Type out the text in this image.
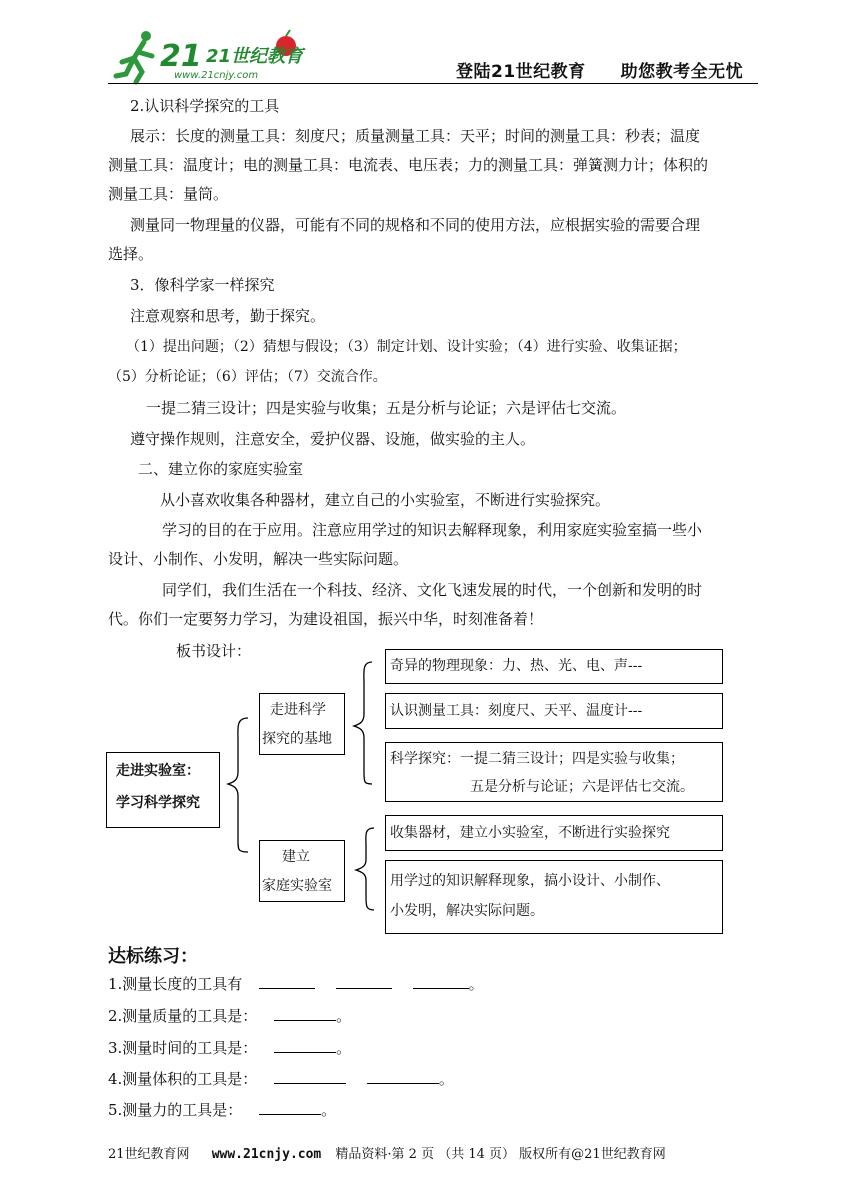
21 21世纪教育
www.21cnjy.com	登陆21世纪教育　　助您教考全无忧
2.认识科学探究的工具
展示：长度的测量工具：刻度尺；质量测量工具：天平；时间的测量工具：秒表；温度
测量工具：温度计；电的测量工具：电流表、电压表；力的测量工具：弹簧测力计；体积的
测量工具：量筒。
测量同一物理量的仪器，可能有不同的规格和不同的使用方法，应根据实验的需要合理
选择。
3．像科学家一样探究
注意观察和思考，勤于探究。
（1）提出问题；（2）猜想与假设；（3）制定计划、设计实验；（4）进行实验、收集证据；
（5）分析论证；（6）评估；（7）交流合作。
一提二猜三设计；四是实验与收集；五是分析与论证；六是评估七交流。
遵守操作规则，注意安全，爱护仪器、设施，做实验的主人。
二、建立你的家庭实验室
从小喜欢收集各种器材，建立自己的小实验室，不断进行实验探究。
学习的目的在于应用。注意应用学过的知识去解释现象，利用家庭实验室搞一些小
设计、小制作、小发明，解决一些实际问题。
同学们，我们生活在一个科技、经济、文化飞速发展的时代，一个创新和发明的时
代。你们一定要努力学习，为建设祖国，振兴中华，时刻准备着！
板书设计：
走进实验室：
学习科学探究
走进科学
探究的基地
建立
家庭实验室
奇异的物理现象：力、热、光、电、声---
认识测量工具：刻度尺、天平、温度计---
科学探究：一提二猜三设计；四是实验与收集；
五是分析与论证；六是评估七交流。
收集器材，建立小实验室，不断进行实验探究
用学过的知识解释现象，搞小设计、小制作、
小发明，解决实际问题。
达标练习：
1.测量长度的工具有	。
2.测量质量的工具是：	。
3.测量时间的工具是：	。
4.测量体积的工具是：	。
5.测量力的工具是：	。
21世纪教育网 www.21cnjy.com 精品资料·第 2 页 （共 14 页） 版权所有@21世纪教育网
